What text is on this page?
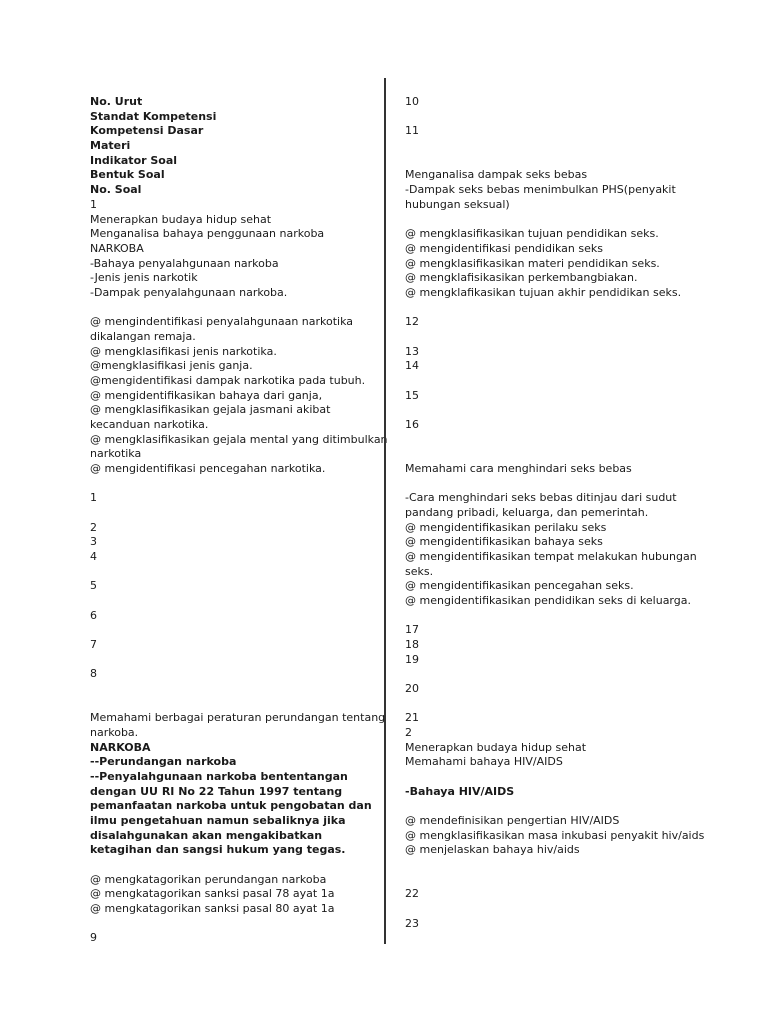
No. Urut
Standat Kompetensi
Kompetensi Dasar
Materi
Indikator Soal
Bentuk Soal
No. Soal
1
Menerapkan budaya hidup sehat
Menganalisa bahaya penggunaan narkoba
NARKOBA
-Bahaya penyalahgunaan narkoba
-Jenis jenis narkotik
-Dampak penyalahgunaan narkoba.
@ mengindentifikasi penyalahgunaan narkotika
dikalangan remaja.
@ mengklasifikasi jenis narkotika.
@mengklasifikasi jenis ganja.
@mengidentifikasi dampak narkotika pada tubuh.
@ mengidentifikasikan bahaya dari ganja,
@ mengklasifikasikan gejala jasmani akibat
kecanduan narkotika.
@ mengklasifikasikan gejala mental yang ditimbulkan
narkotika
@ mengidentifikasi pencegahan narkotika.
1
2
3
4
5
6
7
8
Memahami berbagai peraturan perundangan tentang
narkoba.
NARKOBA
--Perundangan narkoba
--Penyalahgunaan narkoba bententangan
dengan UU RI No 22 Tahun 1997 tentang
pemanfaatan narkoba untuk pengobatan dan
ilmu pengetahuan namun sebaliknya jika
disalahgunakan akan mengakibatkan
ketagihan dan sangsi hukum yang tegas.
@ mengkatagorikan perundangan narkoba
@ mengkatagorikan sanksi pasal 78 ayat 1a
@ mengkatagorikan sanksi pasal 80 ayat 1a
9
10
11
Menganalisa dampak seks bebas
-Dampak seks bebas menimbulkan PHS(penyakit
hubungan seksual)
@ mengklasifikasikan tujuan pendidikan seks.
@ mengidentifikasi pendidikan seks
@ mengklasifikasikan materi pendidikan seks.
@ mengklafisikasikan perkembangbiakan.
@ mengklafikasikan tujuan akhir pendidikan seks.
12
13
14
15
16
Memahami cara menghindari seks bebas
-Cara menghindari seks bebas ditinjau dari sudut
pandang pribadi, keluarga, dan pemerintah.
@ mengidentifikasikan perilaku seks
@ mengidentifikasikan bahaya seks
@ mengidentifikasikan tempat melakukan hubungan
seks.
@ mengidentifikasikan pencegahan seks.
@ mengidentifikasikan pendidikan seks di keluarga.
17
18
19
20
21
2
Menerapkan budaya hidup sehat
Memahami bahaya HIV/AIDS
-Bahaya HIV/AIDS
@ mendefinisikan pengertian HIV/AIDS
@ mengklasifikasikan masa inkubasi penyakit hiv/aids
@ menjelaskan bahaya hiv/aids
22
23
